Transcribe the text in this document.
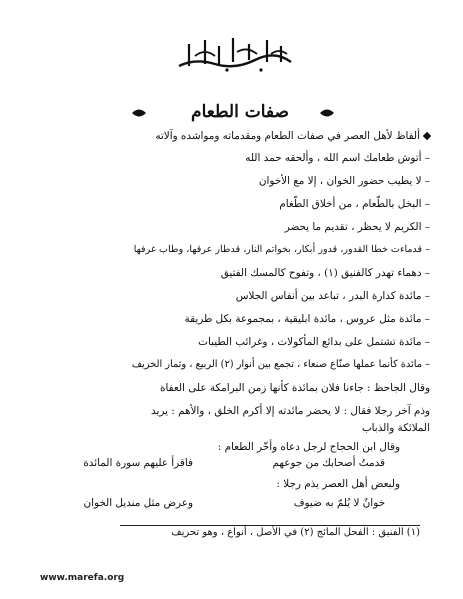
صفات الطعام
ألفاظ لأهل العصر في صفات الطعام ومقدماته ومواشده وآلاته
– أتوش طعامك اسم الله ، وألحقه حمد الله
– لا يطيب حضور الخوان ، إلا مع الأخوان
– البخل بالطّعام ، من أخلاق الطّغام
– الكريم لا يحظر ، تقديم ما يحضر
– قدماءت خطا القدور، قدور أبكار، بخواتم النار، قدطار عرقها، وطاب غرفها
– دهماء تهدر كالفنيق (١) ، وتفوح كالمسك الفتيق
– مائدة كدارة البدر ، تباعد بين أنفاس الجلاس
– مائدة مثل عروس ، مائدة ابليقية ، بمجموعة بكل طريقة
– مائدة تشتمل على بدائع المأكولات ، وغرائب الطيبات
– مائدة كأنما عملها صنّاع صنعاء ، تجمع بين أنوار (٢) الربيع ، وثمار الخريف
وقال الجاحظ : جاءنا فلان بمائدة كأنها زمن البرامكة على العفاة
وذم آخر رجلا فقال : لا يحضر مائدته إلا أكرم الخلق ، والأهم : يريد
الملائكة والذباب
وقال ابن الحجاج لرجل دعاه وأخّر الطعام :
ولبعض أهل العصر يذم رجلا :
قدمتُ أصحابك من جوعهم
فاقرأ عليهم سورة المائدة
خوانٌ لا يُلمّ به ضيوف
وعرض مثل منديل الخوان
(١) الفنيق : الفحل المائج (٢) في الأصل ، أنواع ، وهو تحريف
www.marefa.org
